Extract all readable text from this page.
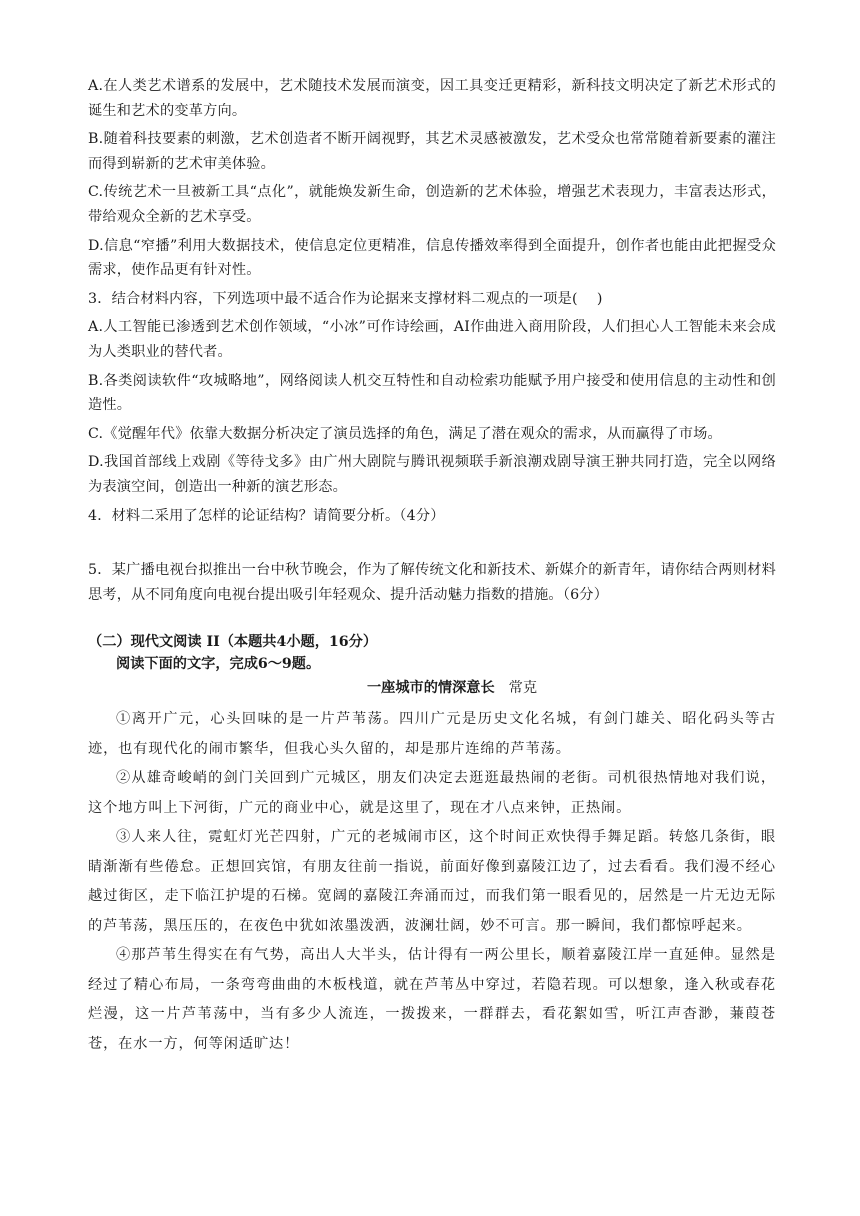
A.在人类艺术谱系的发展中，艺术随技术发展而演变，因工具变迁更精彩，新科技文明决定了新艺术形式的诞生和艺术的变革方向。

B.随着科技要素的刺激，艺术创造者不断开阔视野，其艺术灵感被激发，艺术受众也常常随着新要素的灌注而得到崭新的艺术审美体验。

C.传统艺术一旦被新工具“点化”，就能焕发新生命，创造新的艺术体验，增强艺术表现力，丰富表达形式，带给观众全新的艺术享受。

D.信息“窄播”利用大数据技术，使信息定位更精准，信息传播效率得到全面提升，创作者也能由此把握受众需求，使作品更有针对性。

3．结合材料内容，下列选项中最不适合作为论据来支撑材料二观点的一项是(　 )

A.人工智能已渗透到艺术创作领域，“小冰”可作诗绘画，AI作曲进入商用阶段，人们担心人工智能未来会成为人类职业的替代者。

B.各类阅读软件“攻城略地”，网络阅读人机交互特性和自动检索功能赋予用户接受和使用信息的主动性和创造性。

C.《觉醒年代》依靠大数据分析决定了演员选择的角色，满足了潜在观众的需求，从而赢得了市场。

D.我国首部线上戏剧《等待戈多》由广州大剧院与腾讯视频联手新浪潮戏剧导演王翀共同打造，完全以网络为表演空间，创造出一种新的演艺形态。

4．材料二采用了怎样的论证结构？请简要分析。（4分）

5．某广播电视台拟推出一台中秋节晚会，作为了解传统文化和新技术、新媒介的新青年，请你结合两则材料思考，从不同角度向电视台提出吸引年轻观众、提升活动魅力指数的措施。（6分）

（二）现代文阅读 II（本题共4小题，16分）

阅读下面的文字，完成6～9题。

一座城市的情深意长 常克

①离开广元，心头回味的是一片芦苇荡。四川广元是历史文化名城，有剑门雄关、昭化码头等古迹，也有现代化的闹市繁华，但我心头久留的，却是那片连绵的芦苇荡。

②从雄奇峻峭的剑门关回到广元城区，朋友们决定去逛逛最热闹的老街。司机很热情地对我们说，这个地方叫上下河街，广元的商业中心，就是这里了，现在才八点来钟，正热闹。

③人来人往，霓虹灯光芒四射，广元的老城闹市区，这个时间正欢快得手舞足蹈。转悠几条街，眼睛渐渐有些倦怠。正想回宾馆，有朋友往前一指说，前面好像到嘉陵江边了，过去看看。我们漫不经心越过街区，走下临江护堤的石梯。宽阔的嘉陵江奔涌而过，而我们第一眼看见的，居然是一片无边无际的芦苇荡，黑压压的，在夜色中犹如浓墨泼洒，波澜壮阔，妙不可言。那一瞬间，我们都惊呼起来。

④那芦苇生得实在有气势，高出人大半头，估计得有一两公里长，顺着嘉陵江岸一直延伸。显然是经过了精心布局，一条弯弯曲曲的木板栈道，就在芦苇丛中穿过，若隐若现。可以想象，逢入秋或春花烂漫，这一片芦苇荡中，当有多少人流连，一拨拨来，一群群去，看花絮如雪，听江声杳渺，蒹葭苍苍，在水一方，何等闲适旷达！
